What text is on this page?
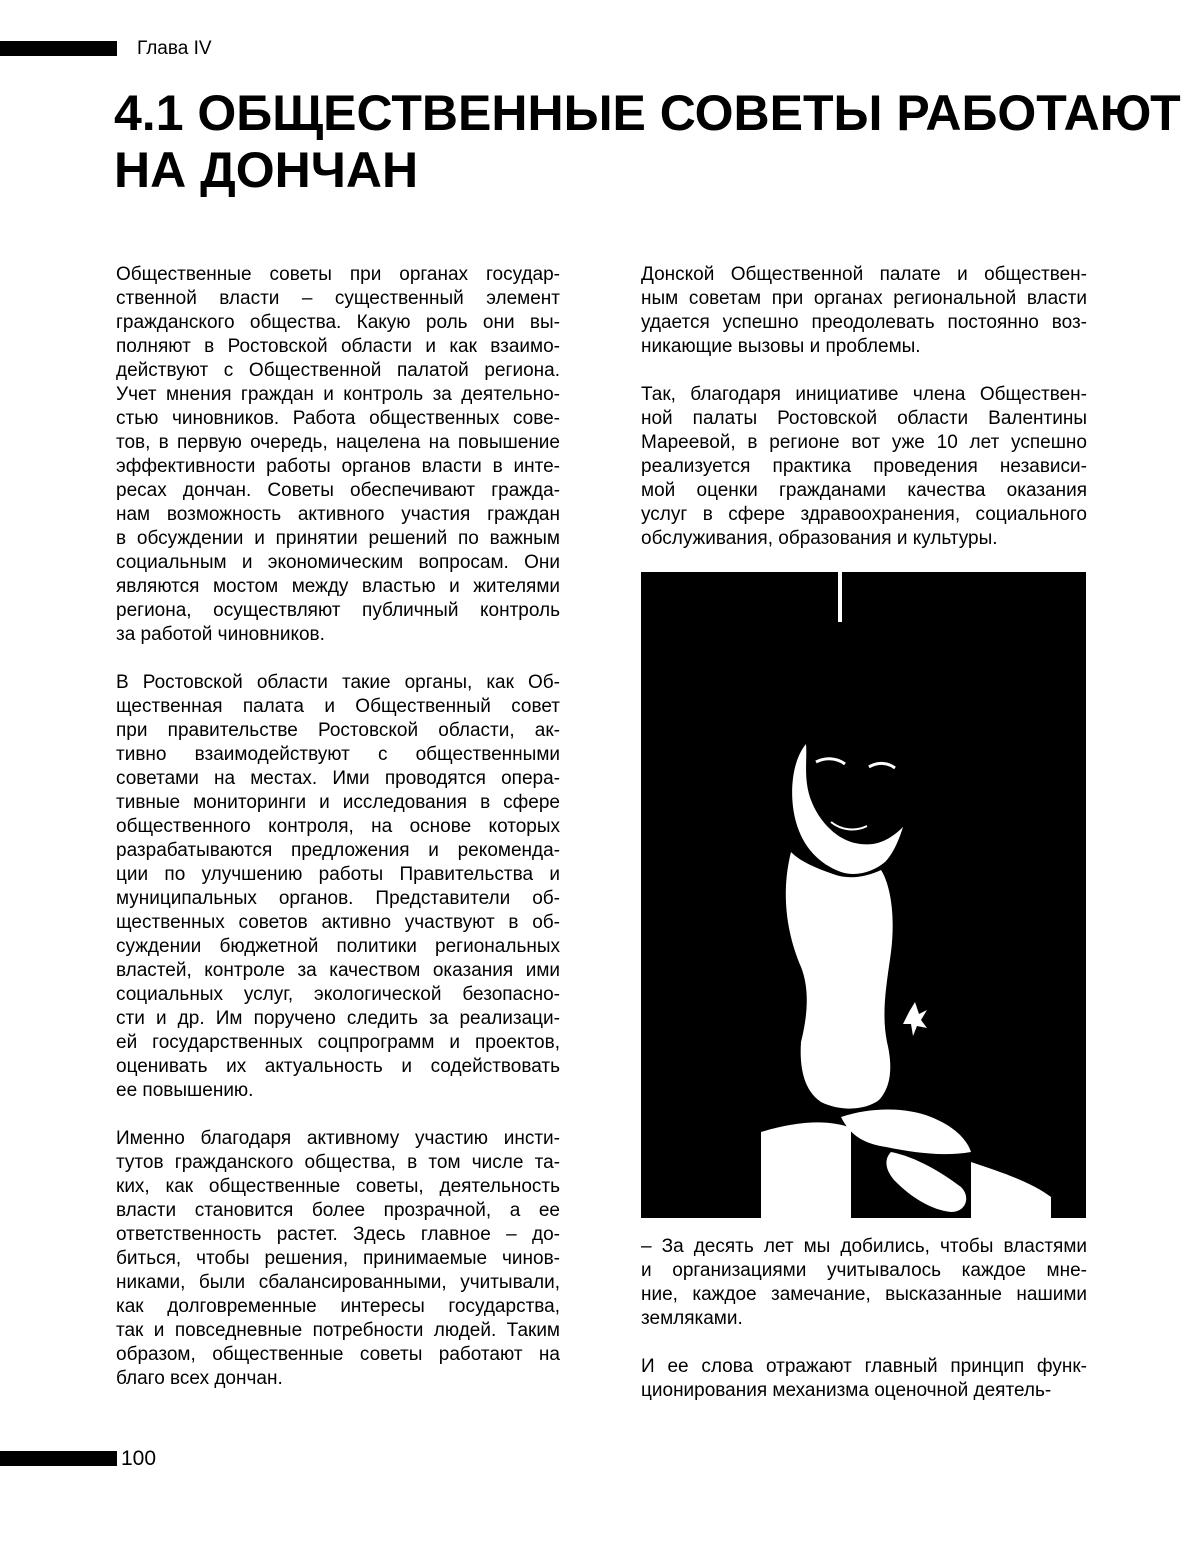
Глава IV
4.1 ОБЩЕСТВЕННЫЕ СОВЕТЫ РАБОТАЮТ
НА ДОНЧАН

Общественные советы при органах государ-
ственной власти – существенный элемент
гражданского общества. Какую роль они вы-
полняют в Ростовской области и как взаимо-
действуют с Общественной палатой региона.
Учет мнения граждан и контроль за деятельно-
стью чиновников. Работа общественных сове-
тов, в первую очередь, нацелена на повышение
эффективности работы органов власти в инте-
ресах дончан. Советы обеспечивают гражда-
нам возможность активного участия граждан
в обсуждении и принятии решений по важным
социальным и экономическим вопросам. Они
являются мостом между властью и жителями
региона, осуществляют публичный контроль
за работой чиновников.

В Ростовской области такие органы, как Об-
щественная палата и Общественный совет
при правительстве Ростовской области, ак-
тивно взаимодействуют с общественными
советами на местах. Ими проводятся опера-
тивные мониторинги и исследования в сфере
общественного контроля, на основе которых
разрабатываются предложения и рекоменда-
ции по улучшению работы Правительства и
муниципальных органов. Представители об-
щественных советов активно участвуют в об-
суждении бюджетной политики региональных
властей, контроле за качеством оказания ими
социальных услуг, экологической безопасно-
сти и др. Им поручено следить за реализаци-
ей государственных соцпрограмм и проектов,
оценивать их актуальность и содействовать
ее повышению.

Именно благодаря активному участию инсти-
тутов гражданского общества, в том числе та-
ких, как общественные советы, деятельность
власти становится более прозрачной, а ее
ответственность растет. Здесь главное – до-
биться, чтобы решения, принимаемые чинов-
никами, были сбалансированными, учитывали,
как долговременные интересы государства,
так и повседневные потребности людей. Таким
образом, общественные советы работают на
благо всех дончан.

Донской Общественной палате и обществен-
ным советам при органах региональной власти
удается успешно преодолевать постоянно воз-
никающие вызовы и проблемы.

Так, благодаря инициативе члена Обществен-
ной палаты Ростовской области Валентины
Мареевой, в регионе вот уже 10 лет успешно
реализуется практика проведения независи-
мой оценки гражданами качества оказания
услуг в сфере здравоохранения, социального
обслуживания, образования и культуры.

– За десять лет мы добились, чтобы властями
и организациями учитывалось каждое мне-
ние, каждое замечание, высказанные нашими
земляками.

И ее слова отражают главный принцип функ-
ционирования механизма оценочной деятель-

100
